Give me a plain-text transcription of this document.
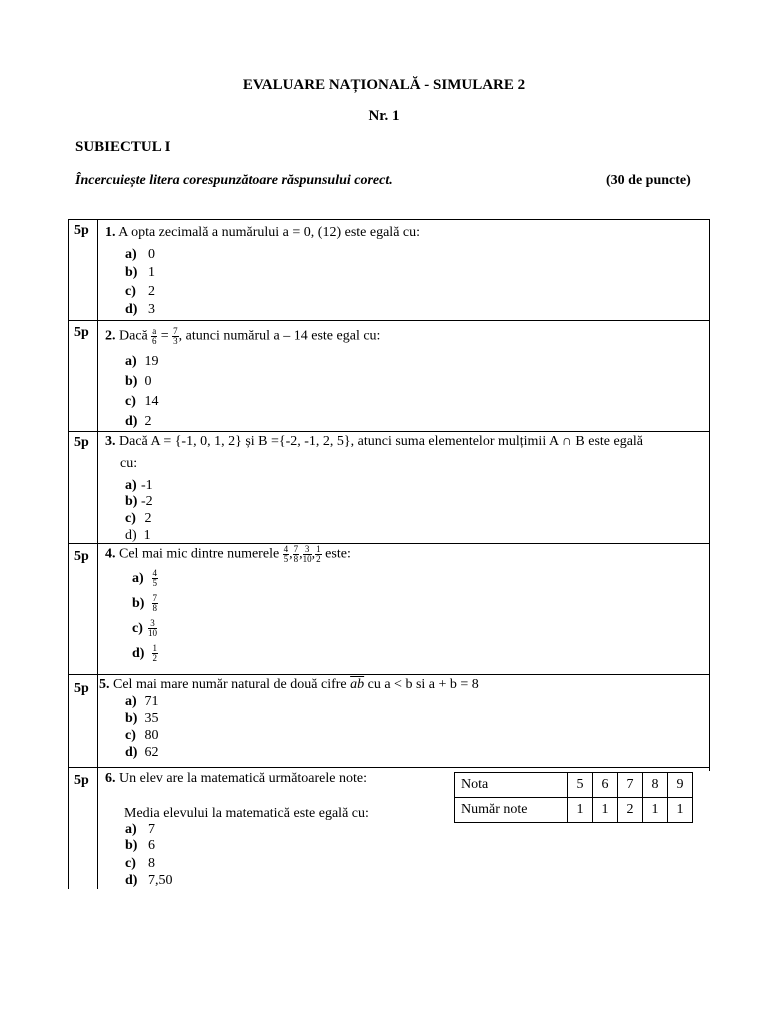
EVALUARE NAȚIONALĂ - SIMULARE 2
Nr. 1
SUBIECTUL I
Încercuiește litera corespunzătoare răspunsului corect.	(30 de puncte)
5p 1. A opta zecimală a numărului a = 0, (12) este egală cu:
a) 0
b) 1
c) 2
d) 3
5p 2. Dacă $\frac{a}{6} = \frac{7}{3}$ , atunci numărul a – 14 este egal cu:
a) 19
b) 0
c) 14
d) 2
5p 3. Dacă A = {-1, 0, 1, 2} și B ={-2, -1, 2, 5}, atunci suma elementelor mulțimii A ∩ B este egală
cu:
a) -1
b) -2
c) 2
d) 1
5p 4. Cel mai mic dintre numerele $\frac{4}{5}$ , $\frac{7}{8}$ , $\frac{3}{10}$ , $\frac{1}{2}$ este:
$a) \frac{4}{5}$
$b) \frac{7}{8}$
$c) \frac{3}{10}$
$d) \frac{1}{2}$
5p 5. Cel mai mare număr natural de două cifre $\overline{ab}$ cu a < b si a + b = 8
a) 71
b) 35
c) 80
d) 62
5p 6. Un elev are la matematică următoarele note:
Media elevului la matematică este egală cu:
a) 7
b) 6
c) 8
d) 7,50
Nota	5	6	7	8	9
Număr note	1	1	2	1	1
